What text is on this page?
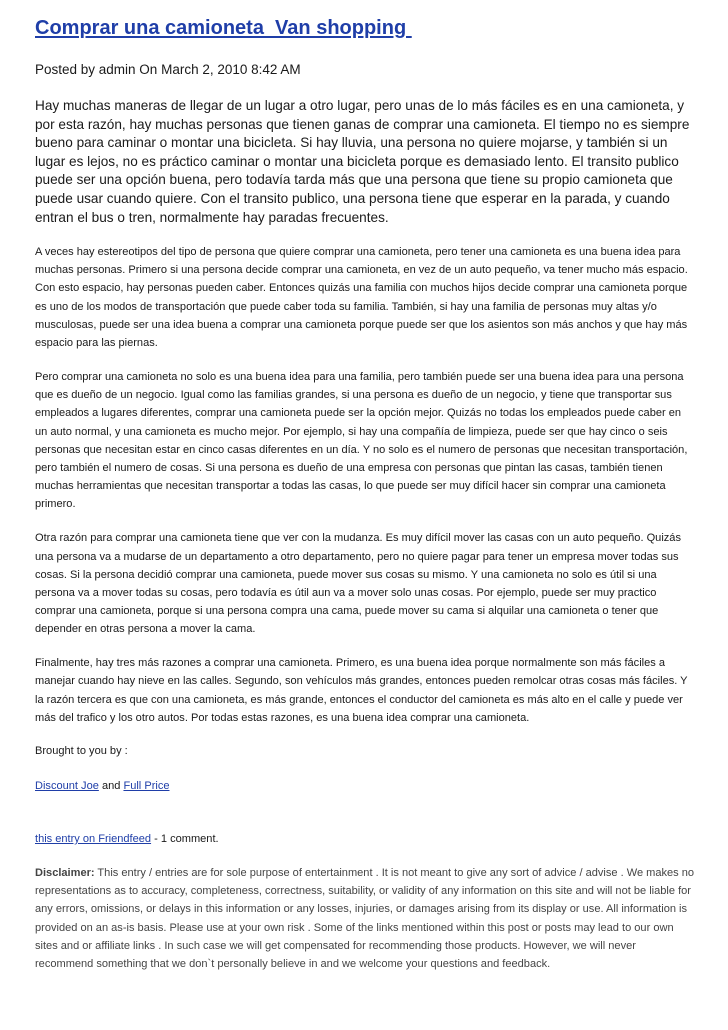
Comprar una camioneta  Van shopping

Posted by admin On March 2, 2010 8:42 AM

Hay muchas maneras de llegar de un lugar a otro lugar, pero unas de lo más fáciles es en una camioneta, y por esta razón, hay muchas personas que tienen ganas de comprar una camioneta. El tiempo no es siempre bueno para caminar o montar una bicicleta. Si hay lluvia, una persona no quiere mojarse, y también si un lugar es lejos, no es práctico caminar o montar una bicicleta porque es demasiado lento. El transito publico puede ser una opción buena, pero todavía tarda más que una persona que tiene su propio camioneta que puede usar cuando quiere. Con el transito publico, una persona tiene que esperar en la parada, y cuando entran el bus o tren, normalmente hay paradas frecuentes.

A veces hay estereotipos del tipo de persona que quiere comprar una camioneta, pero tener una camioneta es una buena idea para muchas personas. Primero si una persona decide comprar una camioneta, en vez de un auto pequeño, va tener mucho más espacio. Con esto espacio, hay personas pueden caber. Entonces quizás una familia con muchos hijos decide comprar una camioneta porque es uno de los modos de transportación que puede caber toda su familia. También, si hay una familia de personas muy altas y/o musculosas, puede ser una idea buena a comprar una camioneta porque puede ser que los asientos son más anchos y que hay más espacio para las piernas.

Pero comprar una camioneta no solo es una buena idea para una familia, pero también puede ser una buena idea para una persona que es dueño de un negocio. Igual como las familias grandes, si una persona es dueño de un negocio, y tiene que transportar sus empleados a lugares diferentes, comprar una camioneta puede ser la opción mejor. Quizás no todas los empleados puede caber en un auto normal, y una camioneta es mucho mejor. Por ejemplo, si hay una compañía de limpieza, puede ser que hay cinco o seis personas que necesitan estar en cinco casas diferentes en un día. Y no solo es el numero de personas que necesitan transportación, pero también el numero de cosas. Si una persona es dueño de una empresa con personas que pintan las casas, también tienen muchas herramientas que necesitan transportar a todas las casas, lo que puede ser muy difícil hacer sin comprar una camioneta primero.

Otra razón para comprar una camioneta tiene que ver con la mudanza. Es muy difícil mover las casas con un auto pequeño. Quizás una persona va a mudarse de un departamento a otro departamento, pero no quiere pagar para tener un empresa mover todas sus cosas. Si la persona decidió comprar una camioneta, puede mover sus cosas su mismo. Y una camioneta no solo es útil si una persona va a mover todas su cosas, pero todavía es útil aun va a mover solo unas cosas. Por ejemplo, puede ser muy practico comprar una camioneta, porque si una persona compra una cama, puede mover su cama si alquilar una camioneta o tener que depender en otras persona a mover la cama.

Finalmente, hay tres más razones a comprar una camioneta. Primero, es una buena idea porque normalmente son más fáciles a manejar cuando hay nieve en las calles. Segundo, son vehículos más grandes, entonces pueden remolcar otras cosas más fáciles. Y la razón tercera es que con una camioneta, es más grande, entonces el conductor del camioneta es más alto en el calle y puede ver más del trafico y los otro autos. Por todas estas razones, es una buena idea comprar una camioneta.

Brought to you by :

Discount Joe and Full Price

this entry on Friendfeed - 1 comment.

Disclaimer: This entry / entries are for sole purpose of entertainment . It is not meant to give any sort of advice / advise . We makes no representations as to accuracy, completeness, correctness, suitability, or validity of any information on this site and will not be liable for any errors, omissions, or delays in this information or any losses, injuries, or damages arising from its display or use. All information is provided on an as-is basis. Please use at your own risk . Some of the links mentioned within this post or posts may lead to our own sites and or affiliate links . In such case we will get compensated for recommending those products. However, we will never recommend something that we don`t personally believe in and we welcome your questions and feedback.
